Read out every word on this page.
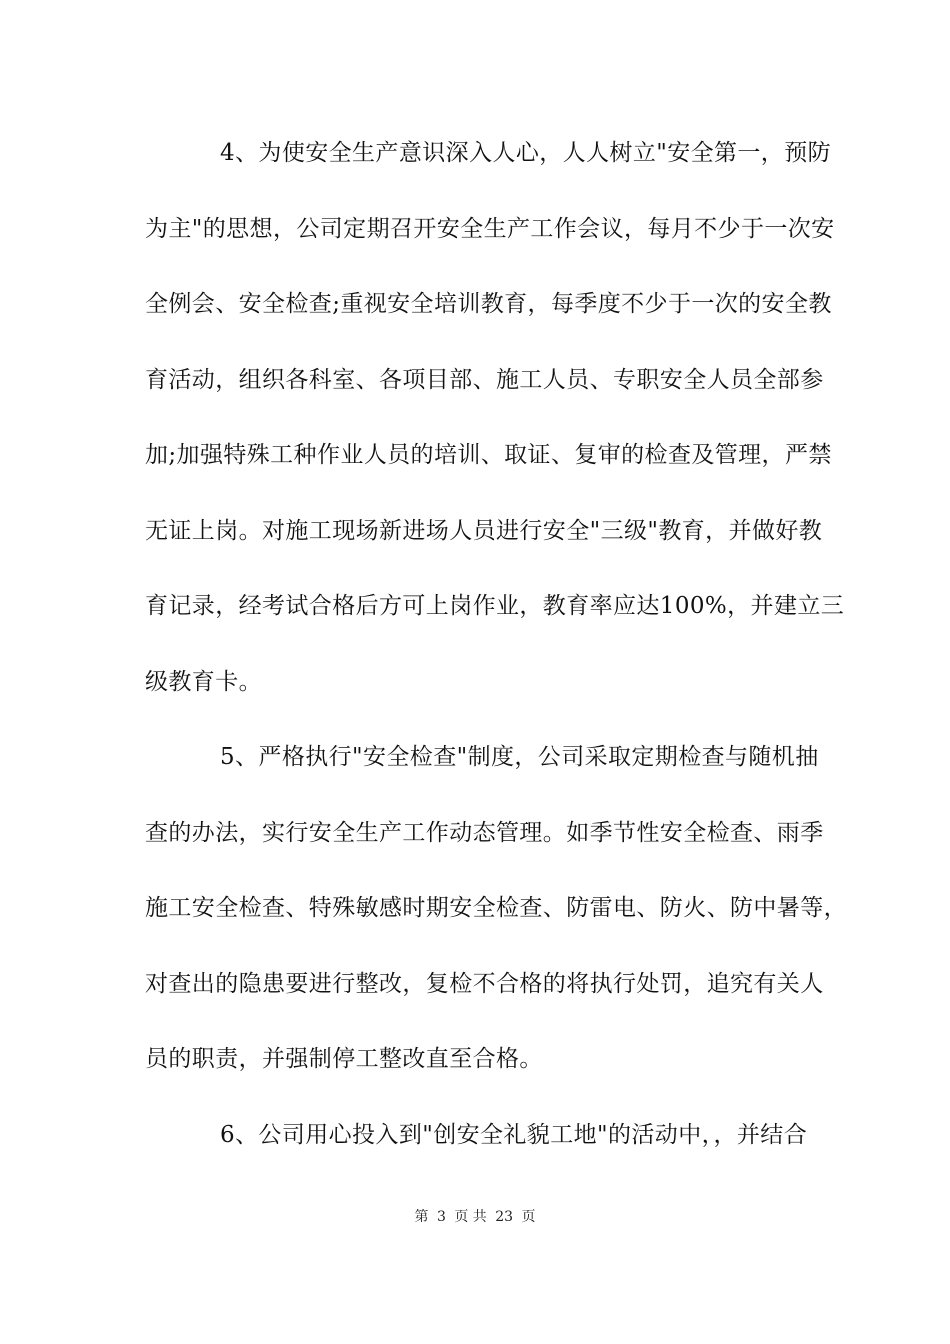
4、为使安全生产意识深入人心，人人树立"安全第一，预防
为主"的思想，公司定期召开安全生产工作会议，每月不少于一次安
全例会、安全检查;重视安全培训教育，每季度不少于一次的安全教
育活动，组织各科室、各项目部、施工人员、专职安全人员全部参
加;加强特殊工种作业人员的培训、取证、复审的检查及管理，严禁
无证上岗。对施工现场新进场人员进行安全"三级"教育，并做好教
育记录，经考试合格后方可上岗作业，教育率应达100%，并建立三
级教育卡。
5、严格执行"安全检查"制度，公司采取定期检查与随机抽
查的办法，实行安全生产工作动态管理。如季节性安全检查、雨季
施工安全检查、特殊敏感时期安全检查、防雷电、防火、防中暑等，
对查出的隐患要进行整改，复检不合格的将执行处罚，追究有关人
员的职责，并强制停工整改直至合格。
6、公司用心投入到"创安全礼貌工地"的活动中，，并结合
第 3 页 共 23 页
